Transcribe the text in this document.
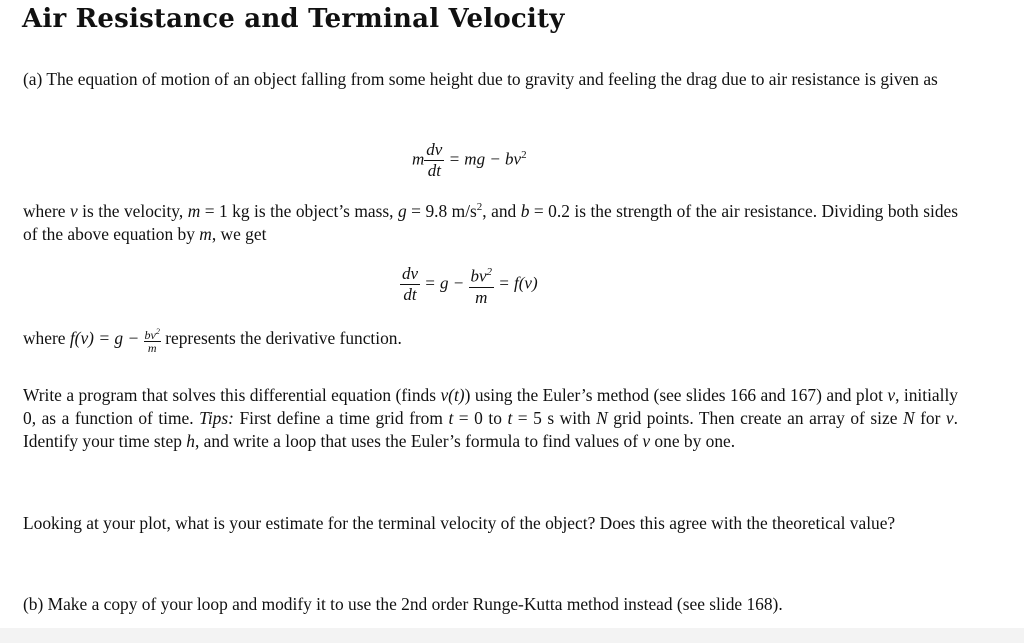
Air Resistance and Terminal Velocity

(a) The equation of motion of an object falling from some height due to gravity and feeling the drag due to air resistance is given as

m $\frac{dv}{dt}$ = mg − $bv^2$

where v is the velocity, m = 1 kg is the object’s mass, g = 9.8 $m/s^2$, and b = 0.2 is the strength of the air resistance. Dividing both sides of the above equation by m, we get

$\frac{dv}{dt} = g - \frac{bv^2}{m} = f(v)$

where $f(v) = g - \frac{bv^2}{m}$ represents the derivative function.

Write a program that solves this differential equation (finds v(t)) using the Euler’s method (see slides 166 and 167) and plot v, initially 0, as a function of time. Tips: First define a time grid from t = 0 to t = 5 s with N grid points. Then create an array of size N for v. Identify your time step h, and write a loop that uses the Euler’s formula to find values of v one by one.

Looking at your plot, what is your estimate for the terminal velocity of the object? Does this agree with the theoretical value?

(b) Make a copy of your loop and modify it to use the 2nd order Runge-Kutta method instead (see slide 168).
